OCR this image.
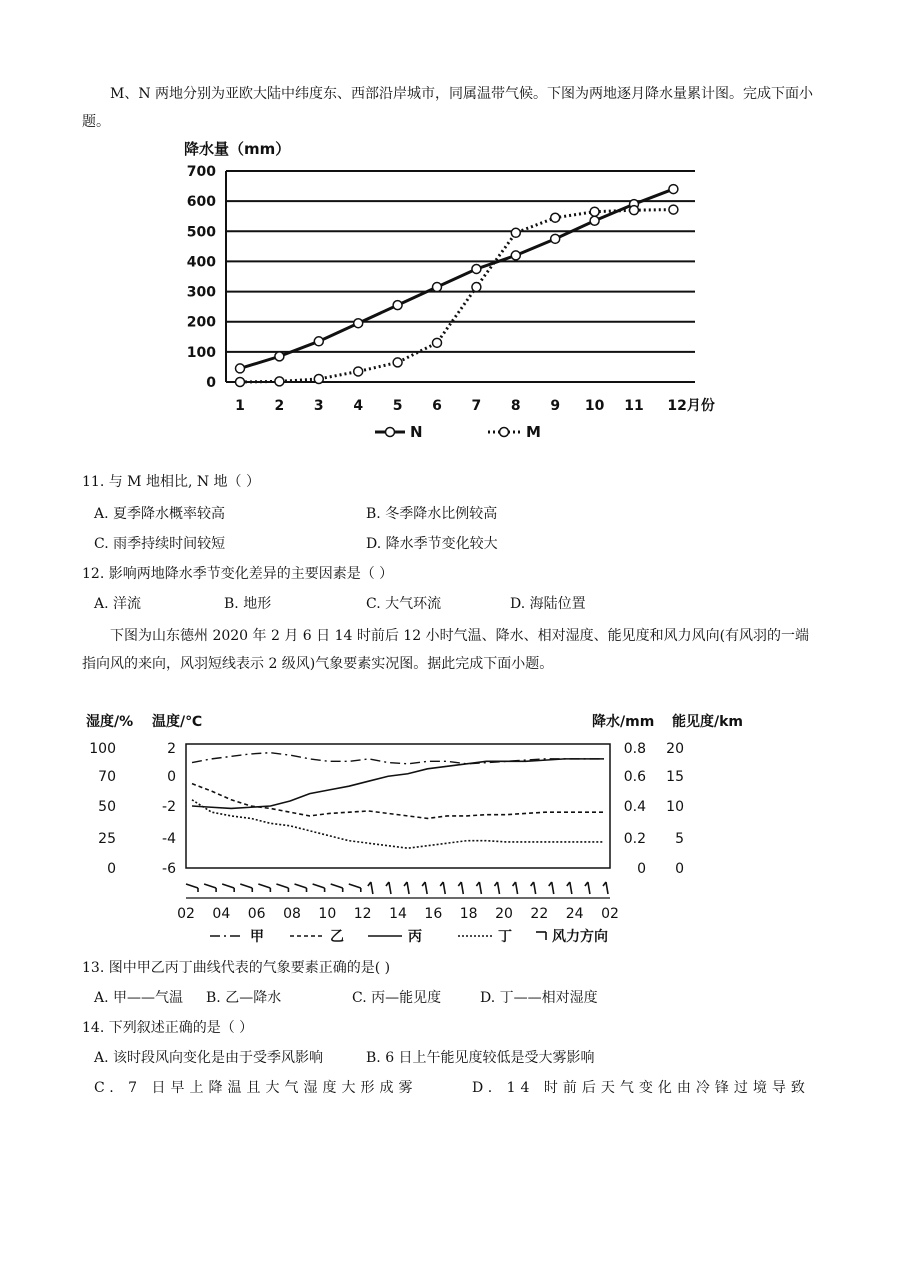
M、N 两地分别为亚欧大陆中纬度东、西部沿岸城市，同属温带气候。下图为两地逐月降水量累计图。完成下面小题。

降水量（mm）
700
600
500
400
300
200
100
0
1 2 3 4 5 6 7 8 9 10 11 12月份
N	M

11. 与 M 地相比, N 地（ ）

A. 夏季降水概率较高	B. 冬季降水比例较高
C. 雨季持续时间较短	D. 降水季节变化较大

12. 影响两地降水季节变化差异的主要因素是（ ）

A. 洋流	B. 地形	C. 大气环流	D. 海陆位置

下图为山东德州 2020 年 2 月 6 日 14 时前后 12 小时气温、降水、相对湿度、能见度和风力风向(有风羽的一端指向风的来向，风羽短线表示 2 级风)气象要素实况图。据此完成下面小题。

湿度/% 温度/℃	降水/mm 能见度/km
100
70
50
25
0
2
0
-2
-4
-6
0.8
0.6
0.4
0.2
0
20
15
10
5
0
02 04 06 08 10 12 14 16 18 20 22 24 02
甲	乙	丙	丁	风力方向

13. 图中甲乙丙丁曲线代表的气象要素正确的是( )

A. 甲——气温 B. 乙—降水	C. 丙—能见度	D. 丁——相对湿度

14. 下列叙述正确的是（ ）

A. 该时段风向变化是由于受季风影响	B. 6 日上午能见度较低是受大雾影响
C. 7 日早上降温且大气湿度大形成雾	D. 14 时前后天气变化由冷锋过境导致
